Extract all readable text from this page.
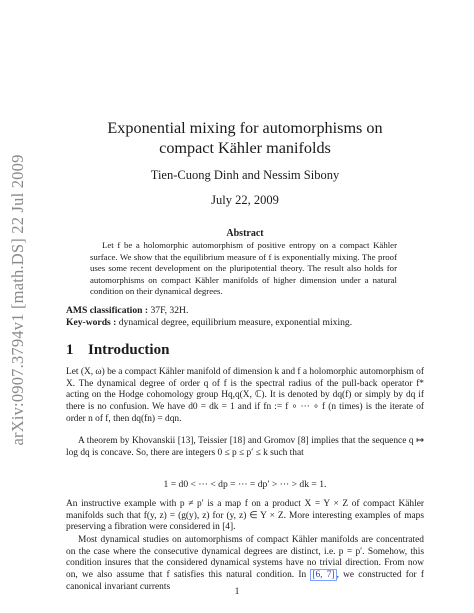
arXiv:0907.3794v1 [math.DS] 22 Jul 2009
Exponential mixing for automorphisms on
compact Kähler manifolds
Tien-Cuong Dinh and Nessim Sibony
July 22, 2009
Abstract
Let f be a holomorphic automorphism of positive entropy on a compact Kähler surface. We show that the equilibrium measure of f is exponentially mixing. The proof uses some recent development on the pluripotential theory. The result also holds for automorphisms on compact Kähler manifolds of higher dimension under a natural condition on their dynamical degrees.
AMS classification : 37F, 32H.
Key-words : dynamical degree, equilibrium measure, exponential mixing.
1 Introduction
Let (X, ω) be a compact Kähler manifold of dimension k and f a holomorphic automorphism of X. The dynamical degree of order q of f is the spectral radius of the pull-back operator f* acting on the Hodge cohomology group Hq,q(X, ℂ). It is denoted by dq(f) or simply by dq if there is no confusion. We have d0 = dk = 1 and if fn := f ∘ ··· ∘ f (n times) is the iterate of order n of f, then dq(fn) = dqn.
A theorem by Khovanskii [13], Teissier [18] and Gromov [8] implies that the sequence q ↦ log dq is concave. So, there are integers 0 ≤ p ≤ p′ ≤ k such that
1 = d0 < ··· < dp = ··· = dp′ > ··· > dk = 1.
An instructive example with p ≠ p′ is a map f on a product X = Y × Z of compact Kähler manifolds such that f(y, z) = (g(y), z) for (y, z) ∈ Y × Z. More interesting examples of maps preserving a fibration were considered in [4].
Most dynamical studies on automorphisms of compact Kähler manifolds are concentrated on the case where the consecutive dynamical degrees are distinct, i.e. p = p′. Somehow, this condition insures that the considered dynamical systems have no trivial direction. From now on, we also assume that f satisfies this natural condition. In [6, 7] , we constructed for f canonical invariant currents	1
